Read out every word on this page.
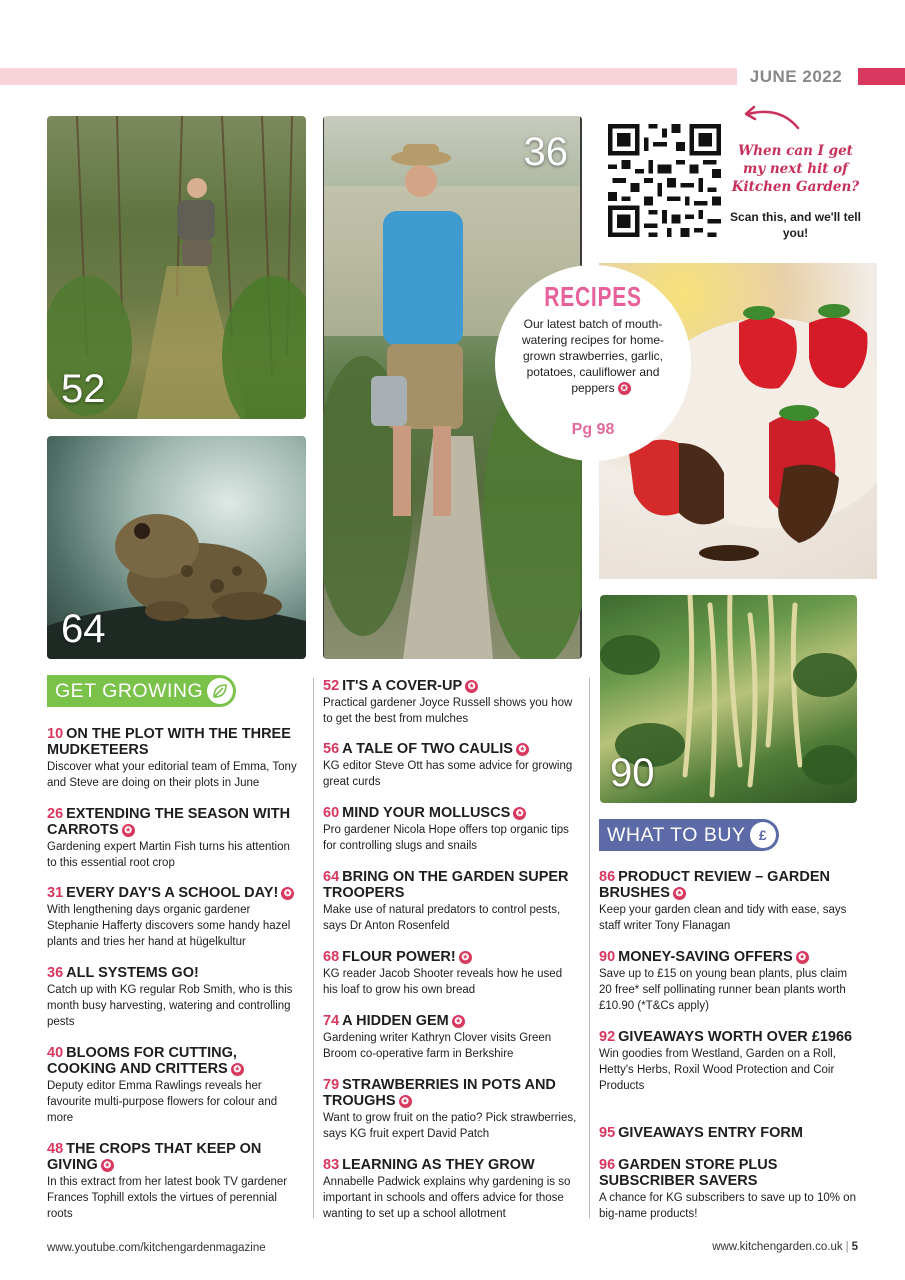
JUNE 2022
52
64
36
90
When can I get my next hit of Kitchen Garden?
Scan this, and we'll tell you!
RECIPES
Our latest batch of mouth-watering recipes for home-grown strawberries, garlic, potatoes, cauliflower and peppers ✪
Pg 98
GET GROWING
WHAT TO BUY £
10 ON THE PLOT WITH THE THREE MUDKETEERS
Discover what your editorial team of Emma, Tony and Steve are doing on their plots in June
26 EXTENDING THE SEASON WITH CARROTS ✪
Gardening expert Martin Fish turns his attention to this essential root crop
31 EVERY DAY'S A SCHOOL DAY! ✪
With lengthening days organic gardener Stephanie Hafferty discovers some handy hazel plants and tries her hand at hügelkultur
36 ALL SYSTEMS GO!
Catch up with KG regular Rob Smith, who is this month busy harvesting, watering and controlling pests
40 BLOOMS FOR CUTTING, COOKING AND CRITTERS ✪
Deputy editor Emma Rawlings reveals her favourite multi-purpose flowers for colour and more
48 THE CROPS THAT KEEP ON GIVING ✪
In this extract from her latest book TV gardener Frances Tophill extols the virtues of perennial roots
52 IT'S A COVER-UP ✪
Practical gardener Joyce Russell shows you how to get the best from mulches
56 A TALE OF TWO CAULIS ✪
KG editor Steve Ott has some advice for growing great curds
60 MIND YOUR MOLLUSCS ✪
Pro gardener Nicola Hope offers top organic tips for controlling slugs and snails
64 BRING ON THE GARDEN SUPER TROOPERS
Make use of natural predators to control pests, says Dr Anton Rosenfeld
68 FLOUR POWER! ✪
KG reader Jacob Shooter reveals how he used his loaf to grow his own bread
74 A HIDDEN GEM ✪
Gardening writer Kathryn Clover visits Green Broom co-operative farm in Berkshire
79 STRAWBERRIES IN POTS AND TROUGHS ✪
Want to grow fruit on the patio? Pick strawberries, says KG fruit expert David Patch
83 LEARNING AS THEY GROW
Annabelle Padwick explains why gardening is so important in schools and offers advice for those wanting to set up a school allotment
86 PRODUCT REVIEW – GARDEN BRUSHES ✪
Keep your garden clean and tidy with ease, says staff writer Tony Flanagan
90 MONEY-SAVING OFFERS ✪
Save up to £15 on young bean plants, plus claim 20 free* self pollinating runner bean plants worth £10.90 (*T&Cs apply)
92 GIVEAWAYS WORTH OVER £1966
Win goodies from Westland, Garden on a Roll, Hetty's Herbs, Roxil Wood Protection and Coir Products
95 GIVEAWAYS ENTRY FORM
96 GARDEN STORE PLUS SUBSCRIBER SAVERS
A chance for KG subscribers to save up to 10% on big-name products!
www.youtube.com/kitchengardenmagazine	www.kitchengarden.co.uk | 5
